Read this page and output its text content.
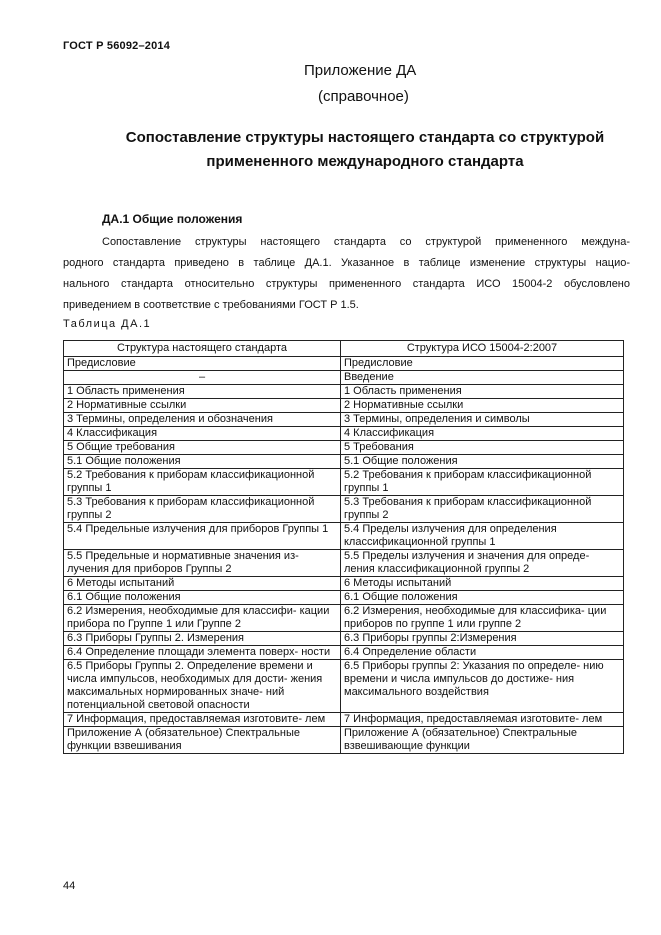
ГОСТ Р 56092–2014
Приложение ДА
(справочное)
Сопоставление структуры настоящего стандарта со структурой
примененного международного стандарта
ДА.1 Общие положения
Сопоставление структуры настоящего стандарта со структурой примененного междуна-
родного стандарта приведено в таблице ДА.1. Указанное в таблице изменение структуры нацио-
нального стандарта относительно структуры примененного стандарта ИСО 15004-2 обусловлено
приведением в соответствие с требованиями ГОСТ Р 1.5.
Таблица ДА.1
Структура настоящего стандарта	Структура ИСО 15004-2:2007
Предисловие	Предисловие

–	Введение
1 Область применения	1 Область применения
2 Нормативные ссылки	2 Нормативные ссылки
3 Термины, определения и обозначения	3 Термины, определения и символы
4 Классификация	4 Классификация
5 Общие требования	5 Требования
5.1 Общие положения	5.1 Общие положения
5.2 Требования к приборам классификационной группы 1	5.2 Требования к приборам классификационной группы 1
5.3 Требования к приборам классификационной группы 2	5.3 Требования к приборам классификационной группы 2
5.4 Предельные излучения для приборов Группы 1	5.4 Пределы излучения для определения классификационной группы 1
5.5 Предельные и нормативные значения из- лучения для приборов Группы 2	5.5 Пределы излучения и значения для опреде- ления классификационной группы 2
6 Методы испытаний	6 Методы испытаний
6.1 Общие положения	6.1 Общие положения
6.2 Измерения, необходимые для классифи- кации прибора по Группе 1 или Группе 2	6.2 Измерения, необходимые для классифика- ции приборов по группе 1 или группе 2
6.3 Приборы Группы 2. Измерения	6.3 Приборы группы 2:Измерения
6.4 Определение площади элемента поверх- ности	6.4 Определение области
6.5 Приборы Группы 2. Определение времени и числа импульсов, необходимых для дости- жения максимальных нормированных значе- ний потенциальной световой опасности	6.5 Приборы группы 2: Указания по определе- нию времени и числа импульсов до достиже- ния максимального воздействия
7 Информация, предоставляемая изготовите- лем	7 Информация, предоставляемая изготовите- лем
Приложение А (обязательное) Спектральные функции взвешивания	Приложение А (обязательное) Спектральные взвешивающие функции
44
